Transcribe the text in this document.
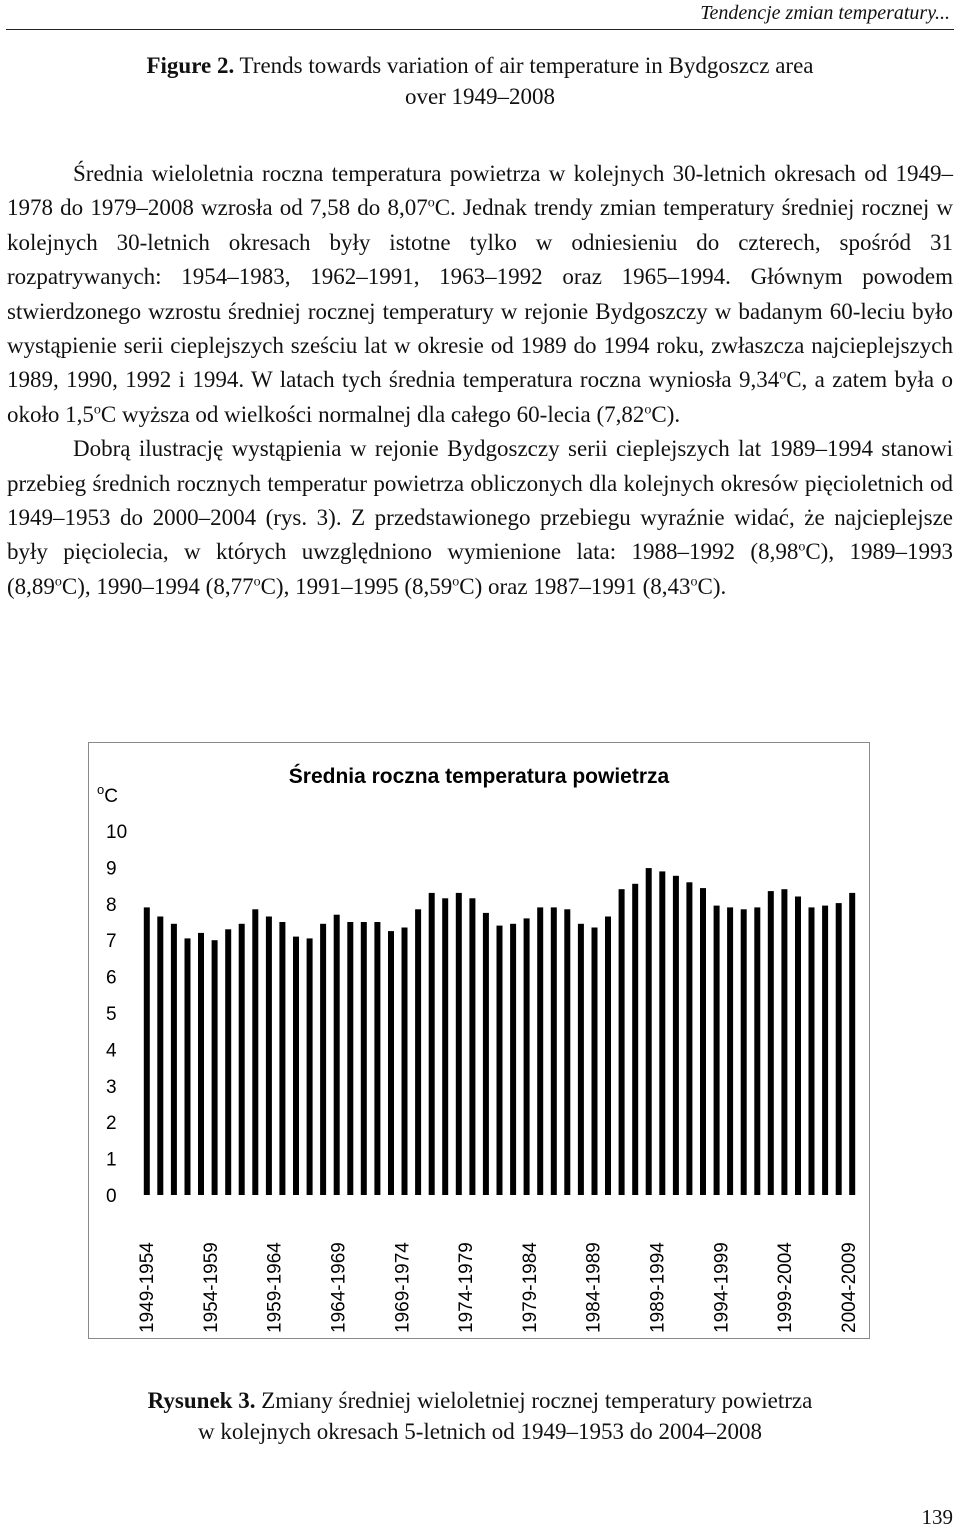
Tendencje zmian temperatury...
Figure 2. Trends towards variation of air temperature in Bydgoszcz area
over 1949–2008

Średnia wieloletnia roczna temperatura powietrza w kolejnych 30-letnich okresach od 1949–1978 do 1979–2008 wzrosła od 7,58 do 8,07$^o$C. Jednak trendy zmian temperatury średniej rocznej w kolejnych 30-letnich okresach były istotne tylko w odniesieniu do czterech, spośród 31 rozpatrywanych: 1954–1983, 1962–1991, 1963–1992 oraz 1965–1994. Głównym powodem stwierdzonego wzrostu średniej rocznej temperatury w rejonie Bydgoszczy w badanym 60-leciu było wystąpienie serii cieplejszych sześciu lat w okresie od 1989 do 1994 roku, zwłaszcza najcieplejszych 1989, 1990, 1992 i 1994. W latach tych średnia temperatura roczna wyniosła 9,34$^o$C, a zatem była o około 1,5$^o$C wyższa od wielkości normalnej dla całego 60-lecia (7,82$^o$C).

Dobrą ilustrację wystąpienia w rejonie Bydgoszczy serii cieplejszych lat 1989–1994 stanowi przebieg średnich rocznych temperatur powietrza obliczonych dla kolejnych okresów pięcioletnich od 1949–1953 do 2000–2004 (rys. 3). Z przedstawionego przebiegu wyraźnie widać, że najcieplejsze były pięciolecia, w których uwzględniono wymienione lata: 1988–1992 (8,98$^o$C), 1989–1993 (8,89$^o$C), 1990–1994 (8,77$^o$C), 1991–1995 (8,59$^o$C) oraz 1987–1991 (8,43$^o$C).

Średnia roczna temperatura powietrza
$^o$C
10
9
8
7
6
5
4
3
2
1
0
1949-1954 1954-1959 1959-1964 1964-1969 1969-1974 1974-1979 1979-1984 1984-1989 1989-1994 1994-1999 1999-2004 2004-2009
Rysunek 3. Zmiany średniej wieloletniej rocznej temperatury powietrza
w kolejnych okresach 5-letnich od 1949–1953 do 2004–2008
139
